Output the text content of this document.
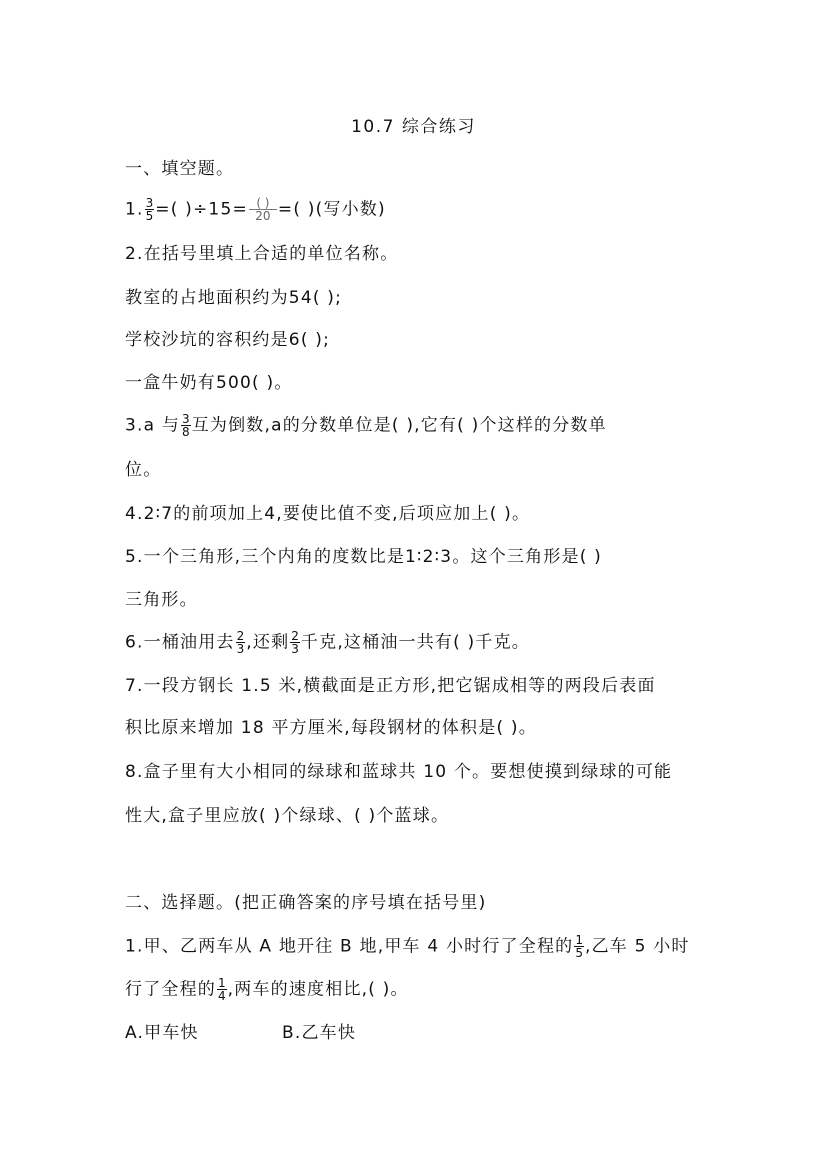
10.7 综合练习
一、填空题。
1. $\frac{3}{5}$ =( )$\div 15= \frac{( )}{20}$ =( )(写小数)
2.在括号里填上合适的单位名称。
教室的占地面积约为54( );
学校沙坑的容积约是6( );
一盒牛奶有500( )。
3.a 与 $\frac{3}{8}$ 互为倒数,a的分数单位是( ),它有( )个这样的分数单
位。
4.2∶7的前项加上4,要使比值不变,后项应加上( )。
5.一个三角形,三个内角的度数比是1∶2∶3。这个三角形是( )
三角形。
6.一桶油用去 $\frac{2}{3}$ ,还剩 $\frac{2}{3}$ 千克,这桶油一共有( )千克。
7.一段方钢长 1.5 米,横截面是正方形,把它锯成相等的两段后表面
积比原来增加 18 平方厘米,每段钢材的体积是( )。
8.盒子里有大小相同的绿球和蓝球共 10 个。要想使摸到绿球的可能
性大,盒子里应放( )个绿球、( )个蓝球。
二、选择题。(把正确答案的序号填在括号里)
1.甲、乙两车从 A 地开往 B 地,甲车 4 小时行了全程的 $\frac{1}{5}$ ,乙车 5 小时
行了全程的 $\frac{1}{4}$ ,两车的速度相比,( )。
A.甲车快	B.乙车快
